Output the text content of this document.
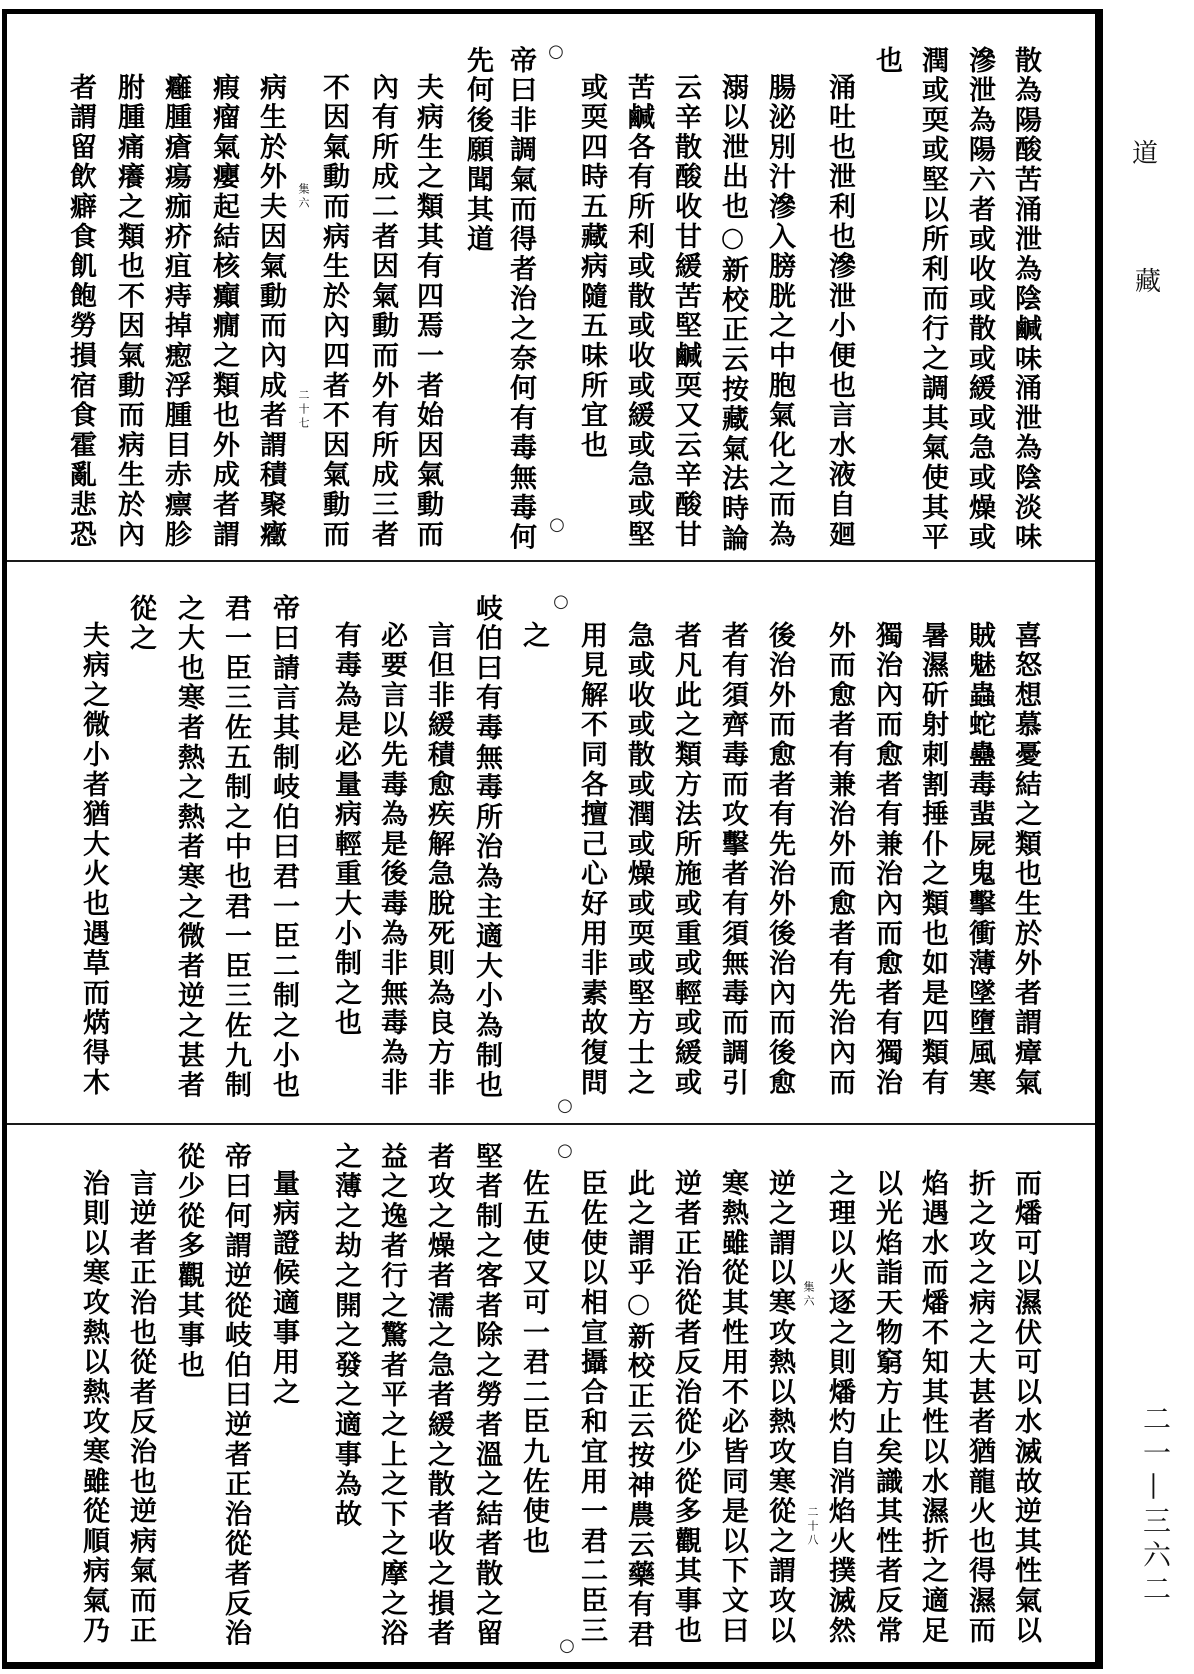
散為陽酸苦涌泄為陰鹹味涌泄為陰淡味
滲泄為陽六者或收或散或緩或急或燥或
潤或耎或堅以所利而行之調其氣使其平
也
涌吐也泄利也滲泄小便也言水液自廻
腸泌別汁滲入膀胱之中胞氣化之而為
溺以泄出也○新校正云按藏氣法時論
云辛散酸收甘緩苦堅鹹耎又云辛酸甘
苦鹹各有所利或散或收或緩或急或堅
或耎四時五藏病隨五味所宜也
帝曰非調氣而得者治之奈何有毒無毒何
先何後願聞其道
夫病生之類其有四焉一者始因氣動而
內有所成二者因氣動而外有所成三者
不因氣動而病生於內四者不因氣動而
病生於外夫因氣動而內成者謂積聚癥
瘕瘤氣癭起結核癲癇之類也外成者謂
癰腫瘡瘍痂疥疽痔掉瘛浮腫目赤瘭胗
胕腫痛癢之類也不因氣動而病生於內
者謂留飲癖食飢飽勞損宿食霍亂悲恐
喜怒想慕憂結之類也生於外者謂瘴氣
賊魅蟲蛇蠱毒蜚屍鬼擊衝薄墜墮風寒
暑濕斫射刺割捶仆之類也如是四類有
獨治內而愈者有兼治內而愈者有獨治
外而愈者有兼治外而愈者有先治內而
後治外而愈者有先治外後治內而後愈
者有須齊毒而攻擊者有須無毒而調引
者凡此之類方法所施或重或輕或緩或
急或收或散或潤或燥或耎或堅方士之
用見解不同各擅己心好用非素故復問
之
岐伯曰有毒無毒所治為主適大小為制也
言但非緩積愈疾解急脫死則為良方非
必要言以先毒為是後毒為非無毒為非
有毒為是必量病輕重大小制之也
帝曰請言其制岐伯曰君一臣二制之小也
君一臣三佐五制之中也君一臣三佐九制
之大也寒者熱之熱者寒之微者逆之甚者
從之
夫病之微小者猶大火也遇草而焫得木
而燔可以濕伏可以水滅故逆其性氣以
折之攻之病之大甚者猶龍火也得濕而
焰遇水而燔不知其性以水濕折之適足
以光焰詣天物窮方止矣識其性者反常
之理以火逐之則燔灼自消焰火撲滅然
逆之謂以寒攻熱以熱攻寒從之謂攻以
寒熱雖從其性用不必皆同是以下文曰
逆者正治從者反治從少從多觀其事也
此之謂乎○新校正云按神農云藥有君
臣佐使以相宣攝合和宜用一君二臣三
佐五使又可一君二臣九佐使也
堅者制之客者除之勞者溫之結者散之留
者攻之燥者濡之急者緩之散者收之損者
益之逸者行之驚者平之上之下之摩之浴
之薄之劫之開之發之適事為故
量病證候適事用之
帝曰何謂逆從岐伯曰逆者正治從者反治
從少從多觀其事也
言逆者正治也從者反治也逆病氣而正
治則以寒攻熱以熱攻寒雖從順病氣乃
○
○
○
○
○
○
集六
二十七
集六
二十八
道
藏
二一—三六二
